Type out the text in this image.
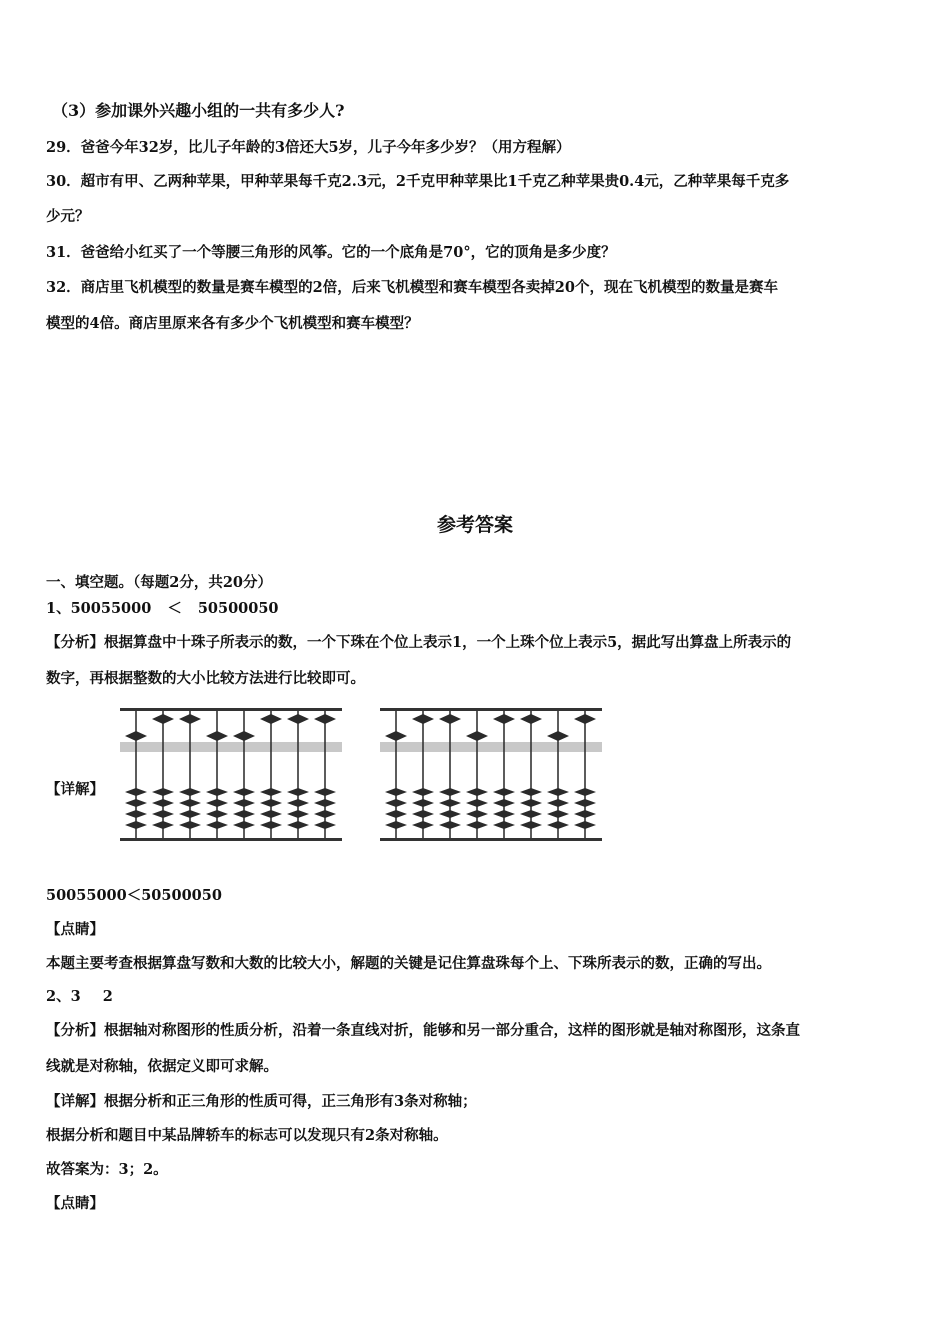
（3）参加课外兴趣小组的一共有多少人?
29．爸爸今年32岁，比儿子年龄的3倍还大5岁，儿子今年多少岁？（用方程解）
30．超市有甲、乙两种苹果，甲种苹果每千克2.3元，2千克甲种苹果比1千克乙种苹果贵0.4元，乙种苹果每千克多
少元？
31．爸爸给小红买了一个等腰三角形的风筝。它的一个底角是70°，它的顶角是多少度？
32．商店里飞机模型的数量是赛车模型的2倍，后来飞机模型和赛车模型各卖掉20个，现在飞机模型的数量是赛车
模型的4倍。商店里原来各有多少个飞机模型和赛车模型？
参考答案
一、填空题。（每题2分，共20分）
1、50055000 ＜ 50500050
【分析】根据算盘中十珠子所表示的数，一个下珠在个位上表示1，一个上珠个位上表示5，据此写出算盘上所表示的
数字，再根据整数的大小比较方法进行比较即可。
【详解】
50055000＜50500050
【点睛】
本题主要考查根据算盘写数和大数的比较大小，解题的关键是记住算盘珠每个上、下珠所表示的数，正确的写出。
2、3 2
【分析】根据轴对称图形的性质分析，沿着一条直线对折，能够和另一部分重合，这样的图形就是轴对称图形，这条直
线就是对称轴，依据定义即可求解。
【详解】根据分析和正三角形的性质可得，正三角形有3条对称轴；
根据分析和题目中某品牌轿车的标志可以发现只有2条对称轴。
故答案为：3；2。
【点睛】
